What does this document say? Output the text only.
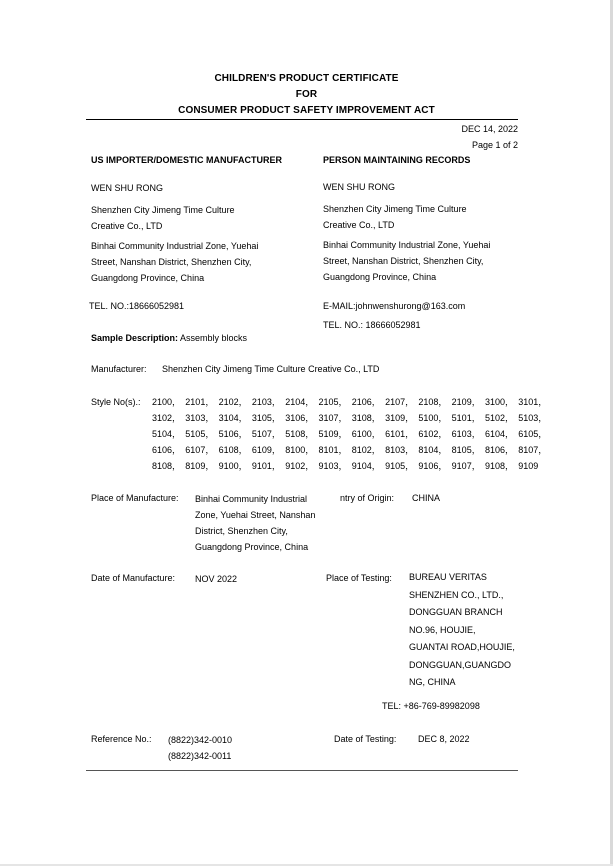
CHILDREN'S PRODUCT CERTIFICATE
FOR
CONSUMER PRODUCT SAFETY IMPROVEMENT ACT
DEC 14, 2022
Page 1 of 2
US IMPORTER/DOMESTIC MANUFACTURER
WEN SHU RONG
Shenzhen City Jimeng Time Culture
Creative Co., LTD
Binhai Community Industrial Zone, Yuehai
Street, Nanshan District, Shenzhen City,
Guangdong Province, China
TEL. NO.:18666052981
PERSON MAINTAINING RECORDS
WEN SHU RONG
Shenzhen City Jimeng Time Culture
Creative Co., LTD
Binhai Community Industrial Zone, Yuehai
Street, Nanshan District, Shenzhen City,
Guangdong Province, China
E-MAIL:johnwenshurong@163.com
TEL. NO.: 18666052981
Sample Description: Assembly blocks
Manufacturer: Shenzhen City Jimeng Time Culture Creative Co., LTD
Style No(s).: 2100， 2101， 2102， 2103， 2104， 2105， 2106， 2107， 2108， 2109， 3100， 3101，
3102， 3103， 3104， 3105， 3106， 3107， 3108， 3109， 5100， 5101， 5102， 5103，
5104， 5105， 5106， 5107， 5108， 5109， 6100， 6101， 6102， 6103， 6104， 6105，
6106， 6107， 6108， 6109， 8100， 8101， 8102， 8103， 8104， 8105， 8106， 8107，
8108， 8109， 9100， 9101， 9102， 9103， 9104， 9105， 9106， 9107， 9108， 9109
Place of Manufacture: Binhai Community Industrial
Zone, Yuehai Street, Nanshan
District, Shenzhen City,
Guangdong Province, China
ntry of Origin: CHINA
Date of Manufacture: NOV 2022	Place of Testing: BUREAU VERITAS
SHENZHEN CO., LTD.,
DONGGUAN BRANCH
NO.96, HOUJIE,
GUANTAI ROAD,HOUJIE,
DONGGUAN,GUANGDO
NG, CHINA
TEL: +86-769-89982098
Reference No.: (8822)342-0010
(8822)342-0011
Date of Testing: DEC 8, 2022
